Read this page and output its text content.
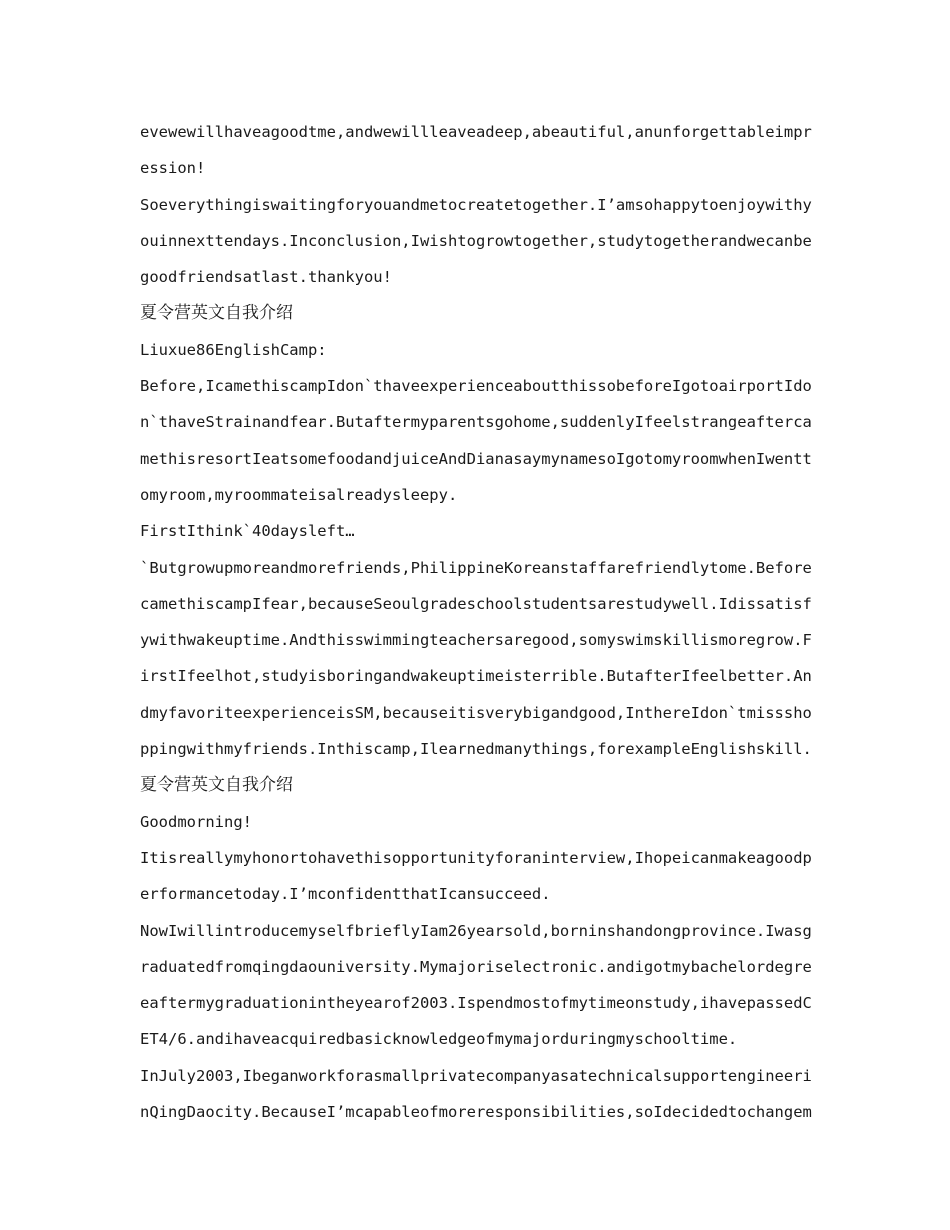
evewewillhaveagoodtme,andwewillleaveadeep,abeautiful,anunforgettableimpr
ession!
Soeverythingiswaitingforyouandmetocreatetogether.I’amsohappytoenjoywithy
ouinnexttendays.Inconclusion,Iwishtogrowtogether,studytogetherandwecanbe
goodfriendsatlast.thankyou!
夏令营英文自我介绍
Liuxue86EnglishCamp:
Before,IcamethiscampIdon`thaveexperienceaboutthissobeforeIgotoairportIdo
n`thaveStrainandfear.Butaftermyparentsgohome,suddenlyIfeelstrangeafterca
methisresortIeatsomefoodandjuiceAndDianasaymynamesoIgotomyroomwhenIwentt
omyroom,myroommateisalreadysleepy.
FirstIthink`40daysleft…
`Butgrowupmoreandmorefriends,PhilippineKoreanstaffarefriendlytome.Before
camethiscampIfear,becauseSeoulgradeschoolstudentsarestudywell.Idissatisf
ywithwakeuptime.Andthisswimmingteachersaregood,somyswimskillismoregrow.F
irstIfeelhot,studyisboringandwakeuptimeisterrible.ButafterIfeelbetter.An
dmyfavoriteexperienceisSM,becauseitisverybigandgood,InthereIdon`tmisssho
ppingwithmyfriends.Inthiscamp,Ilearnedmanythings,forexampleEnglishskill.
夏令营英文自我介绍
Goodmorning!
Itisreallymyhonortohavethisopportunityforaninterview,Ihopeicanmakeagoodp
erformancetoday.I’mconfidentthatIcansucceed.
NowIwillintroducemyselfbrieflyIam26yearsold,borninshandongprovince.Iwasg
raduatedfromqingdaouniversity.Mymajoriselectronic.andigotmybachelordegre
eaftermygraduationintheyearof2003.Ispendmostofmytimeonstudy,ihavepassedC
ET4/6.andihaveacquiredbasicknowledgeofmymajorduringmyschooltime.
InJuly2003,Ibeganworkforasmallprivatecompanyasatechnicalsupportengineeri
nQingDaocity.BecauseI’mcapableofmoreresponsibilities,soIdecidedtochangem
